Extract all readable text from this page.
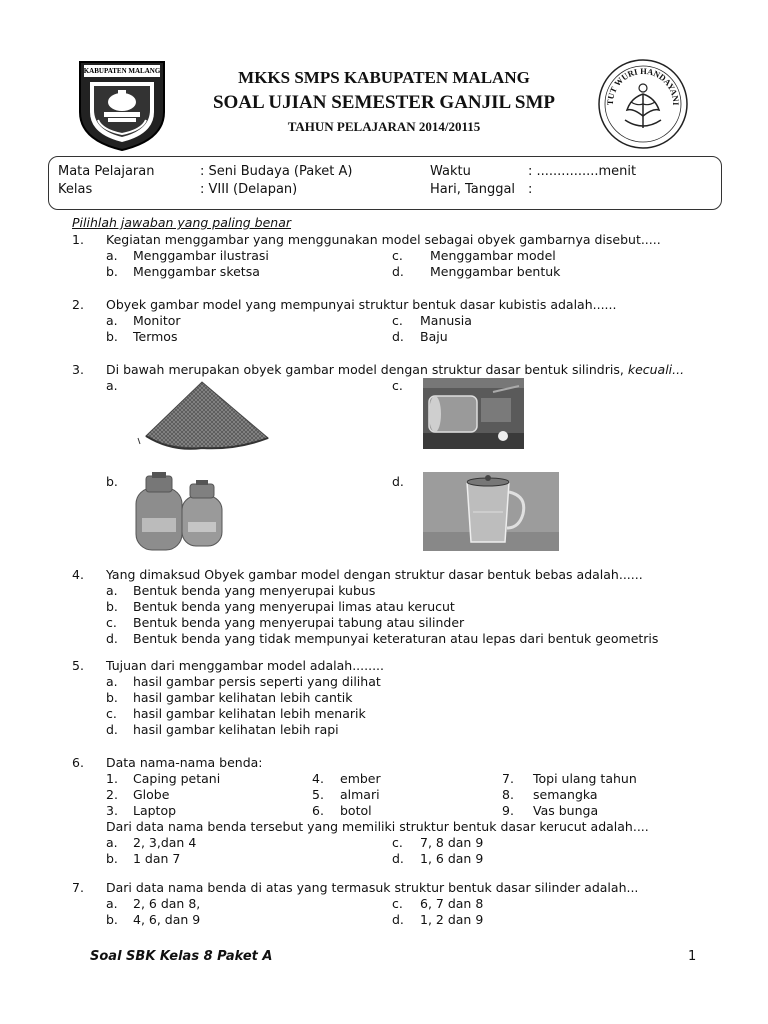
KABUPATEN MALANG
TUT WURI HANDAYANI
MKKS SMPS KABUPATEN MALANG
SOAL UJIAN SEMESTER GANJIL SMP
TAHUN PELAJARAN 2014/20115
Mata Pelajaran	: Seni Budaya (Paket A)
Kelas	: VIII (Delapan)
Waktu	: ...............menit
Hari, Tanggal :
Pilihlah jawaban yang paling benar
1. Kegiatan menggambar yang menggunakan model sebagai obyek gambarnya disebut.....
a. Menggambar ilustrasi	c. Menggambar model
b. Menggambar sketsa	d. Menggambar bentuk
2. Obyek gambar model yang mempunyai struktur bentuk dasar kubistis adalah......
a. Monitor	c. Manusia
b. Termos	d. Baju
3. Di bawah merupakan obyek gambar model dengan struktur dasar bentuk silindris, kecuali...
a.	c.
b.	d.
4. Yang dimaksud Obyek gambar model dengan struktur dasar bentuk bebas adalah......
a. Bentuk benda yang menyerupai kubus
b. Bentuk benda yang menyerupai limas atau kerucut
c. Bentuk benda yang menyerupai tabung atau silinder
d. Bentuk benda yang tidak mempunyai keteraturan atau lepas dari bentuk geometris
5. Tujuan dari menggambar model adalah........
a. hasil gambar persis seperti yang dilihat
b. hasil gambar kelihatan lebih cantik
c. hasil gambar kelihatan lebih menarik
d. hasil gambar kelihatan lebih rapi
6. Data nama-nama benda:
1. Caping petani	4. ember	7. Topi ulang tahun
2. Globe	5. almari	8. semangka
3. Laptop	6. botol	9. Vas bunga
Dari data nama benda tersebut yang memiliki struktur bentuk dasar kerucut adalah....
a. 2, 3,dan 4	c. 7, 8 dan 9
b. 1 dan 7	d. 1, 6 dan 9
7. Dari data nama benda di atas yang termasuk struktur bentuk dasar silinder adalah...
a. 2, 6 dan 8,	c. 6, 7 dan 8
b. 4, 6, dan 9	d. 1, 2 dan 9
Soal SBK Kelas 8 Paket A	1
